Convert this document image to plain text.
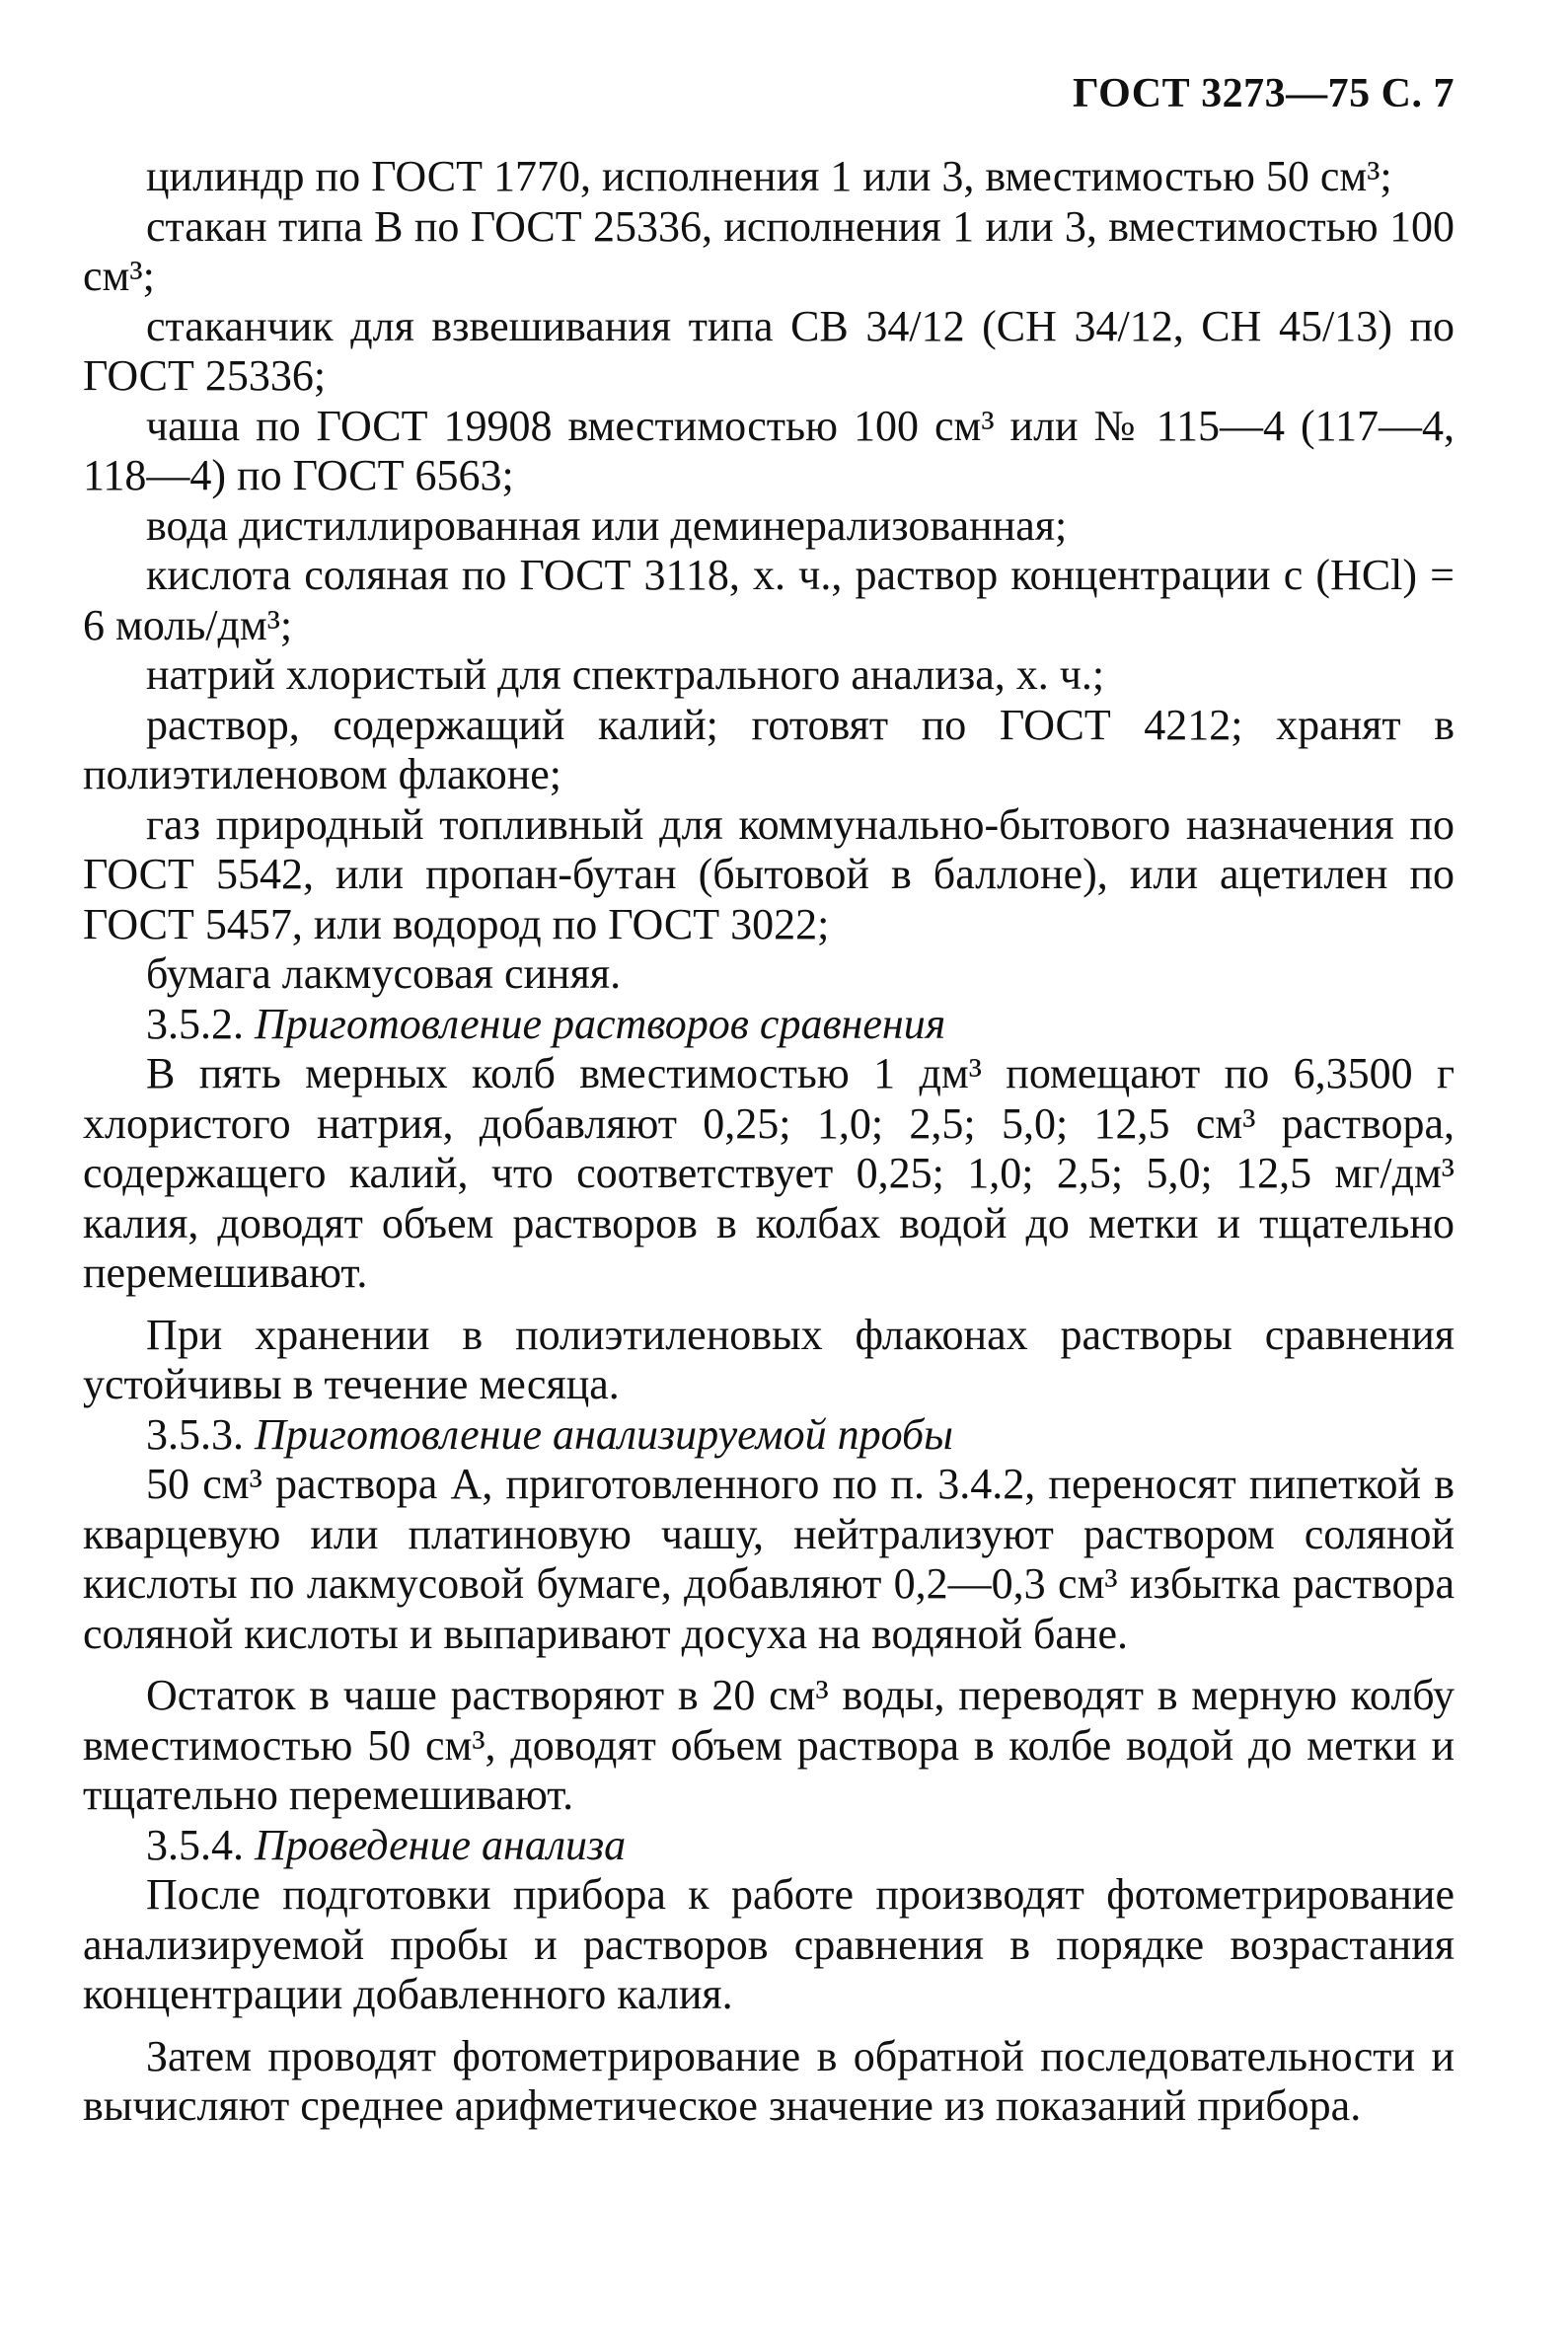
ГОСТ 3273—75 С. 7

цилиндр по ГОСТ 1770, исполнения 1 или 3, вместимостью 50 см³;

стакан типа В по ГОСТ 25336, исполнения 1 или 3, вместимостью 100 см³;

стаканчик для взвешивания типа СВ 34/12 (СН 34/12, СН 45/13) по ГОСТ 25336;

чаша по ГОСТ 19908 вместимостью 100 см³ или № 115—4 (117—4, 118—4) по ГОСТ 6563;

вода дистиллированная или деминерализованная;

кислота соляная по ГОСТ 3118, х. ч., раствор концентрации с (HCl) = 6 моль/дм³;

натрий хлористый для спектрального анализа, х. ч.;

раствор, содержащий калий; готовят по ГОСТ 4212; хранят в полиэтиленовом флаконе;

газ природный топливный для коммунально-бытового назначения по ГОСТ 5542, или пропан-бутан (бытовой в баллоне), или ацетилен по ГОСТ 5457, или водород по ГОСТ 3022;

бумага лакмусовая синяя.

3.5.2. Приготовление растворов сравнения

В пять мерных колб вместимостью 1 дм³ помещают по 6,3500 г хлористого натрия, добавляют 0,25; 1,0; 2,5; 5,0; 12,5 см³ раствора, содержащего калий, что соответствует 0,25; 1,0; 2,5; 5,0; 12,5 мг/дм³ калия, доводят объем растворов в колбах водой до метки и тщательно перемешивают.

При хранении в полиэтиленовых флаконах растворы сравнения устойчивы в течение месяца.

3.5.3. Приготовление анализируемой пробы

50 см³ раствора А, приготовленного по п. 3.4.2, переносят пипеткой в кварцевую или платиновую чашу, нейтрализуют раствором соляной кислоты по лакмусовой бумаге, добавляют 0,2—0,3 см³ избытка раствора соляной кислоты и выпаривают досуха на водяной бане.

Остаток в чаше растворяют в 20 см³ воды, переводят в мерную колбу вместимостью 50 см³, доводят объем раствора в колбе водой до метки и тщательно перемешивают.

3.5.4. Проведение анализа

После подготовки прибора к работе производят фотометрирование анализируемой пробы и растворов сравнения в порядке возрастания концентрации добавленного калия.

Затем проводят фотометрирование в обратной последовательности и вычисляют среднее арифметическое значение из показаний прибора.
